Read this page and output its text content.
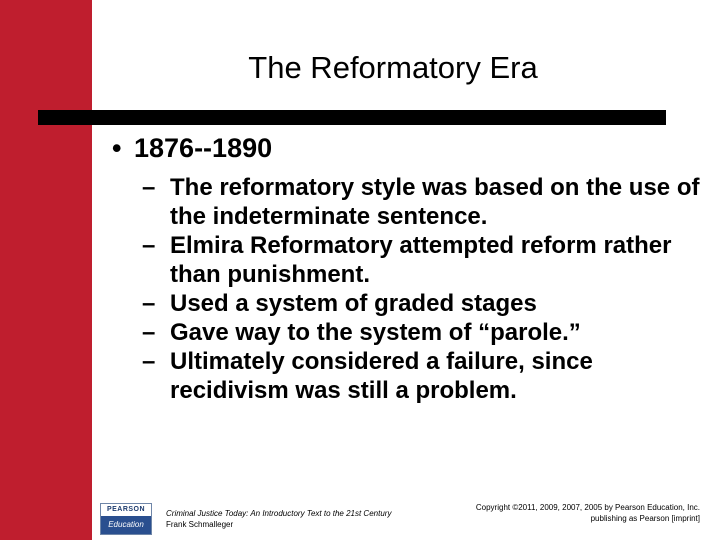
The Reformatory Era
• 1876--1890
– The reformatory style was based on the use of the indeterminate sentence.
– Elmira Reformatory attempted reform rather than punishment.
– Used a system of graded stages
– Gave way to the system of “parole.”
– Ultimately considered a failure, since recidivism was still a problem.
PEARSON
Education
Criminal Justice Today: An Introductory Text to the 21st Century
Frank Schmalleger
Copyright ©2011, 2009, 2007, 2005 by Pearson Education, Inc.
publishing as Pearson [imprint]
